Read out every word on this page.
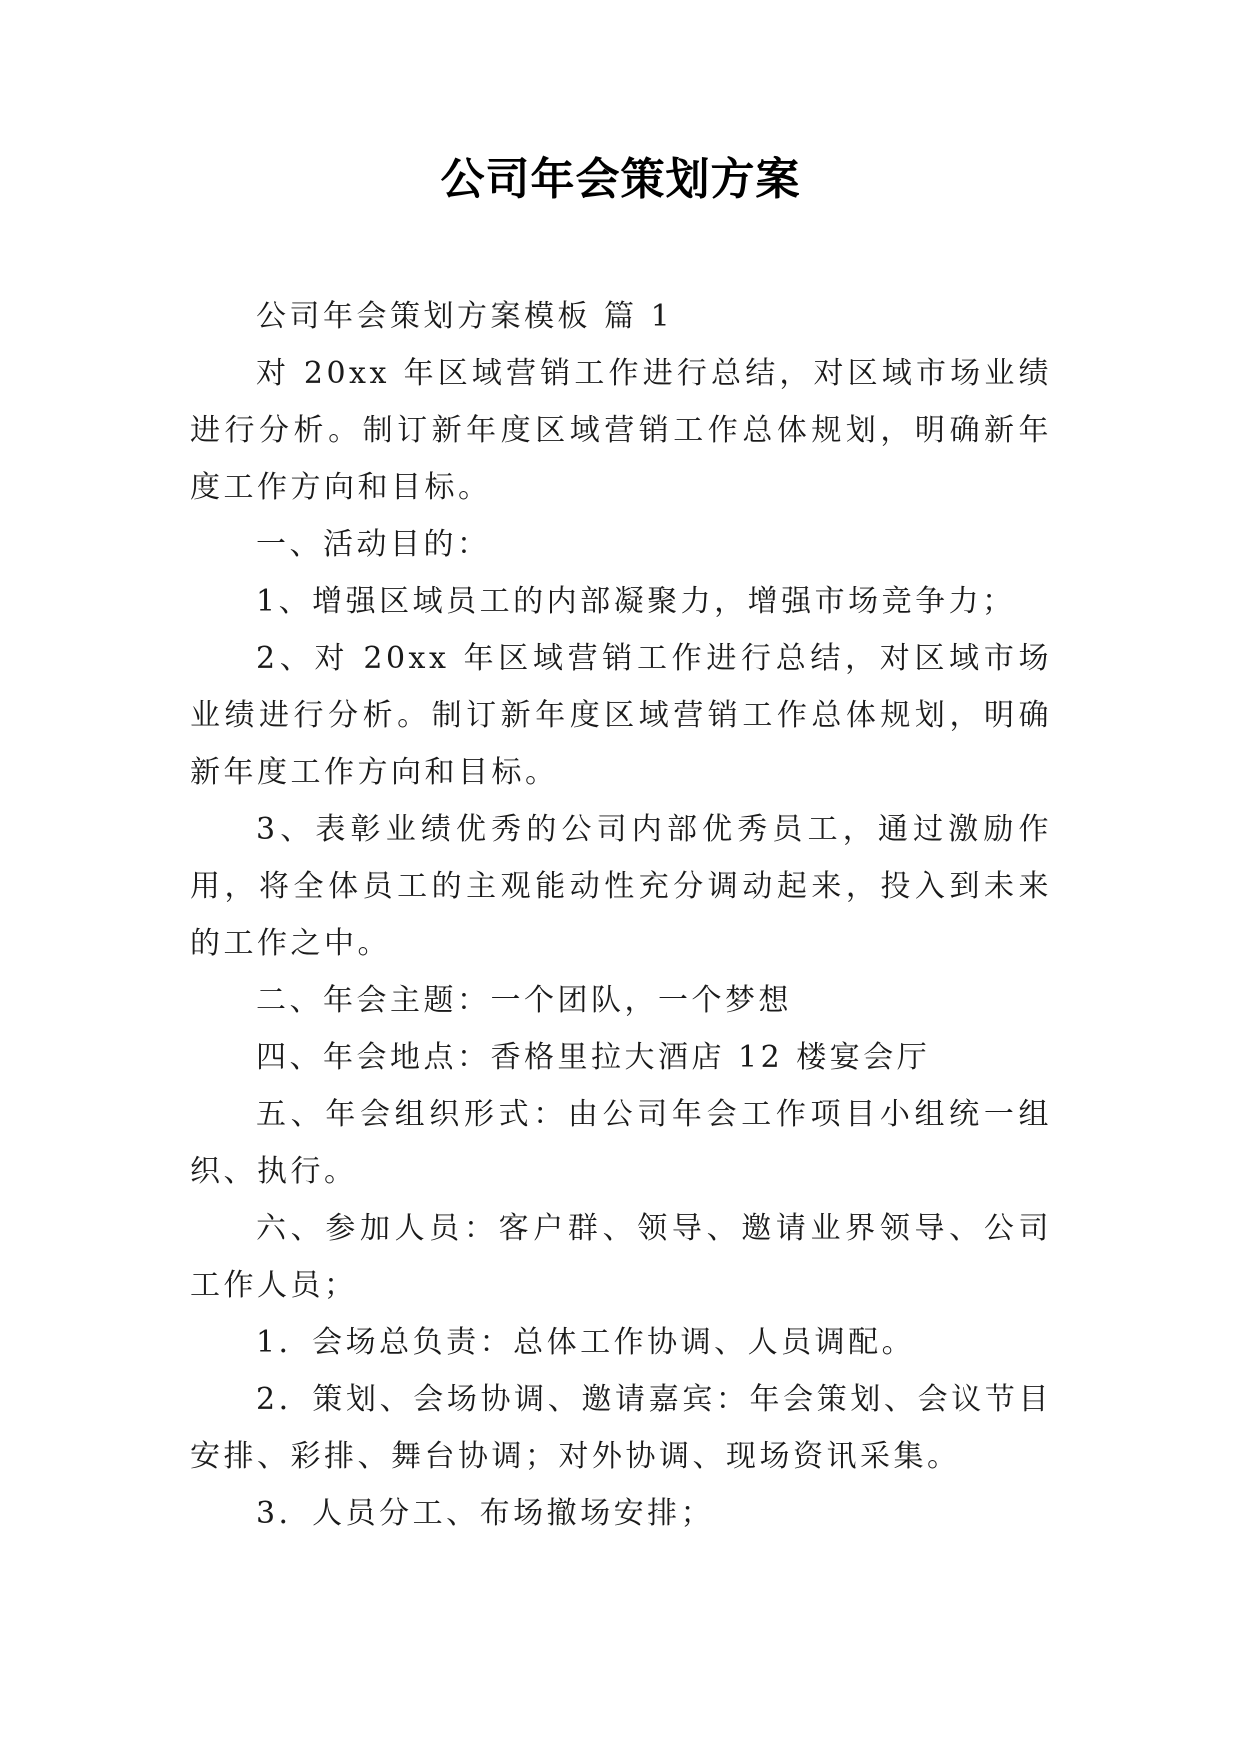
公司年会策划方案

公司年会策划方案模板 篇 1

对 20xx 年区域营销工作进行总结，对区域市场业绩进行分析。制订新年度区域营销工作总体规划，明确新年度工作方向和目标。

一、活动目的：

1、增强区域员工的内部凝聚力，增强市场竞争力；

2、对 20xx 年区域营销工作进行总结，对区域市场业绩进行分析。制订新年度区域营销工作总体规划，明确新年度工作方向和目标。

3、表彰业绩优秀的公司内部优秀员工，通过激励作用，将全体员工的主观能动性充分调动起来，投入到未来的工作之中。

二、年会主题：一个团队，一个梦想

四、年会地点：香格里拉大酒店 12 楼宴会厅

五、年会组织形式：由公司年会工作项目小组统一组织、执行。

六、参加人员：客户群、领导、邀请业界领导、公司工作人员；

1．会场总负责：总体工作协调、人员调配。

2．策划、会场协调、邀请嘉宾：年会策划、会议节目安排、彩排、舞台协调；对外协调、现场资讯采集。

3．人员分工、布场撤场安排；
